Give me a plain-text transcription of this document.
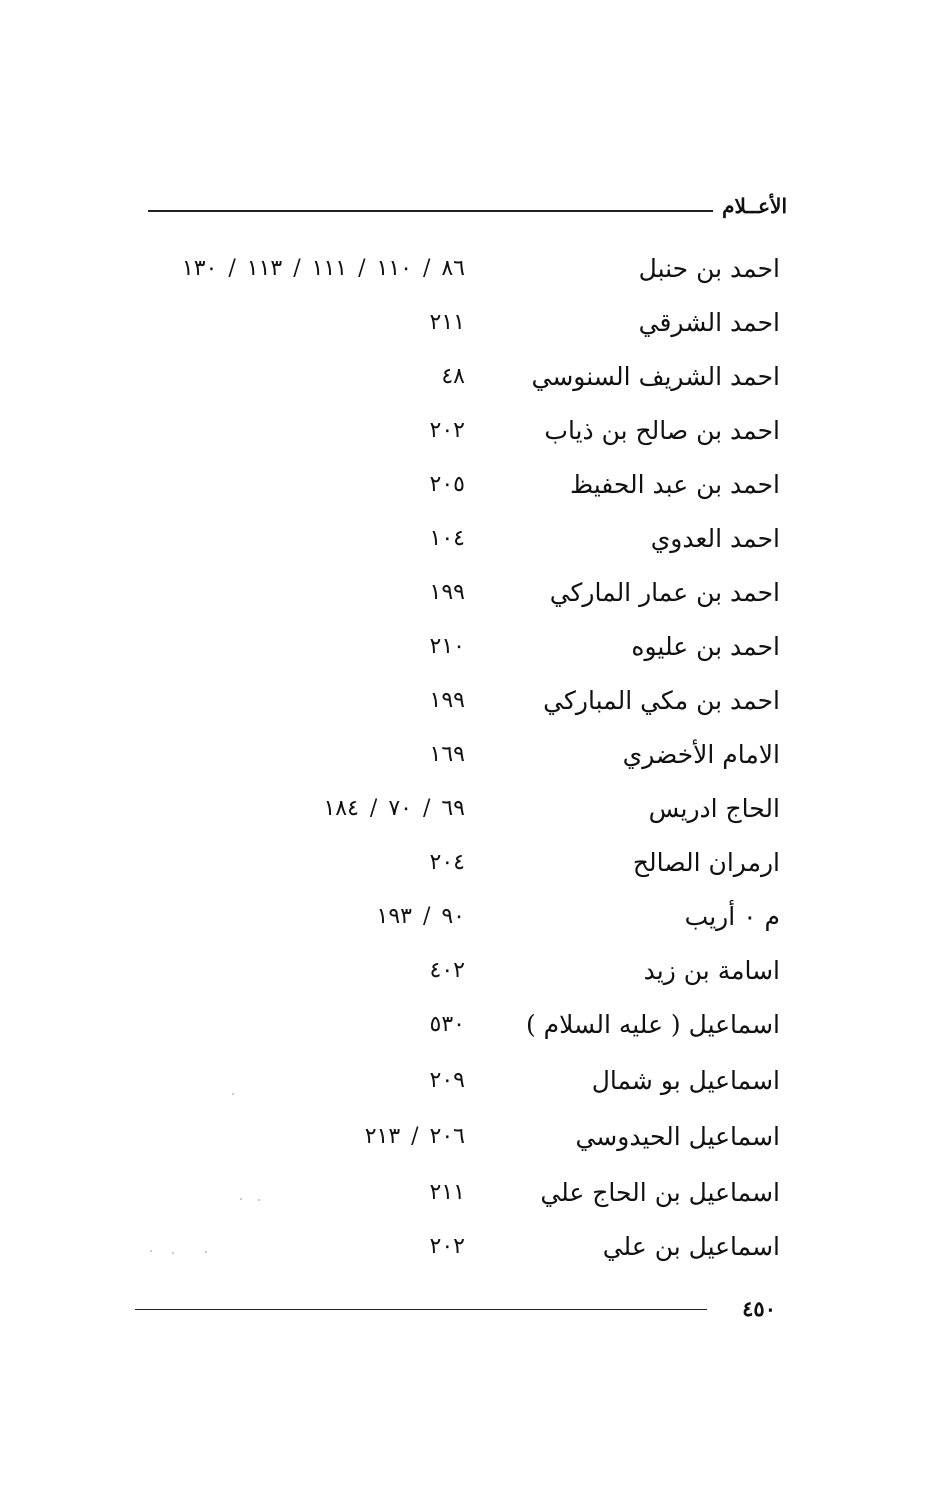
الأعــلام
احمد بن حنبل
٨٦ / ١١٠ / ١١١ / ١١٣ / ١٣٠
احمد الشرقي
٢١١
احمد الشريف السنوسي
٤٨
احمد بن صالح بن ذياب
٢٠٢
احمد بن عبد الحفيظ
٢٠٥
احمد العدوي
١٠٤
احمد بن عمار الماركي
١٩٩
احمد بن عليوه
٢١٠
احمد بن مكي المباركي
١٩٩
الامام الأخضري
١٦٩
الحاج ادريس
٦٩ / ٧٠ / ١٨٤
ارمران الصالح
٢٠٤
م ٠ أريب
٩٠ / ١٩٣
اسامة بن زيد
٤٠٢
اسماعيل ( عليه السلام )
٥٣٠
اسماعيل بو شمال
٢٠٩
اسماعيل الحيدوسي
٢٠٦ / ٢١٣
اسماعيل بن الحاج علي
٢١١
اسماعيل بن علي
٢٠٢
٤٥٠
